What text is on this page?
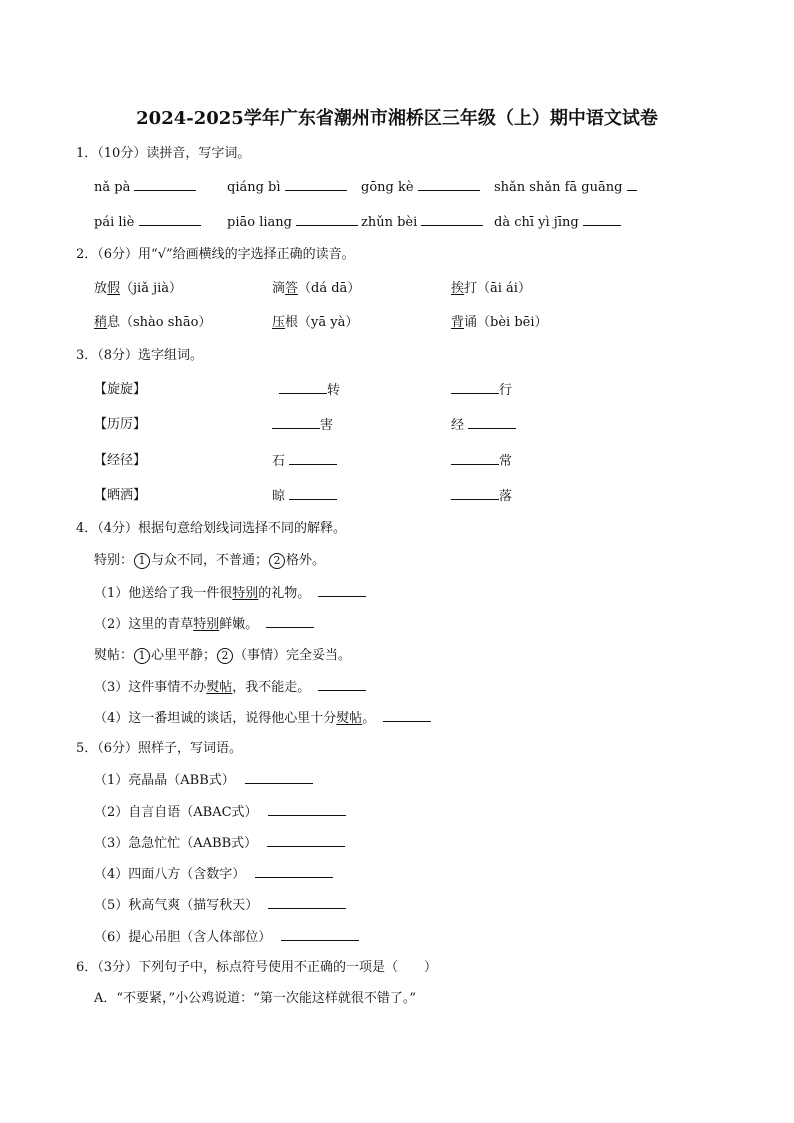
2024-2025学年广东省潮州市湘桥区三年级（上）期中语文试卷
1．（10分）读拼音，写字词。
nǎ pà	qiáng bì	gōng kè	shǎn shǎn fā guāng
pái liè	piāo liang	zhǔn bèi	dà chī yì jīng
2．（6分）用“√”给画横线的字选择正确的读音。
放假（jiǎ jià）	滴答（dá dā）	挨打（āi ái）
稍息（shào shāo）	压根（yā yà）	背诵（bèi bēi）
3．（8分）选字组词。
【旋旋】	转	行
【历厉】	害	经
【经径】	石	常
【晒洒】	晾	落
4．（4分）根据句意给划线词选择不同的解释。
特别： 1 与众不同，不普通； 2 格外。
（1）他送给了我一件很特别的礼物。
（2）这里的青草特别鲜嫩。
熨帖： 1 心里平静； 2 （事情）完全妥当。
（3）这件事情不办熨帖，我不能走。
（4）这一番坦诚的谈话，说得他心里十分熨帖。
5．（6分）照样子，写词语。
（1）亮晶晶（ABB式）
（2）自言自语（ABAC式）
（3）急急忙忙（AABB式）
（4）四面八方（含数字）
（5）秋高气爽（描写秋天）
（6）提心吊胆（含人体部位）
6．（3分）下列句子中，标点符号使用不正确的一项是（　　）
A．“不要紧，”小公鸡说道：“第一次能这样就很不错了。”
